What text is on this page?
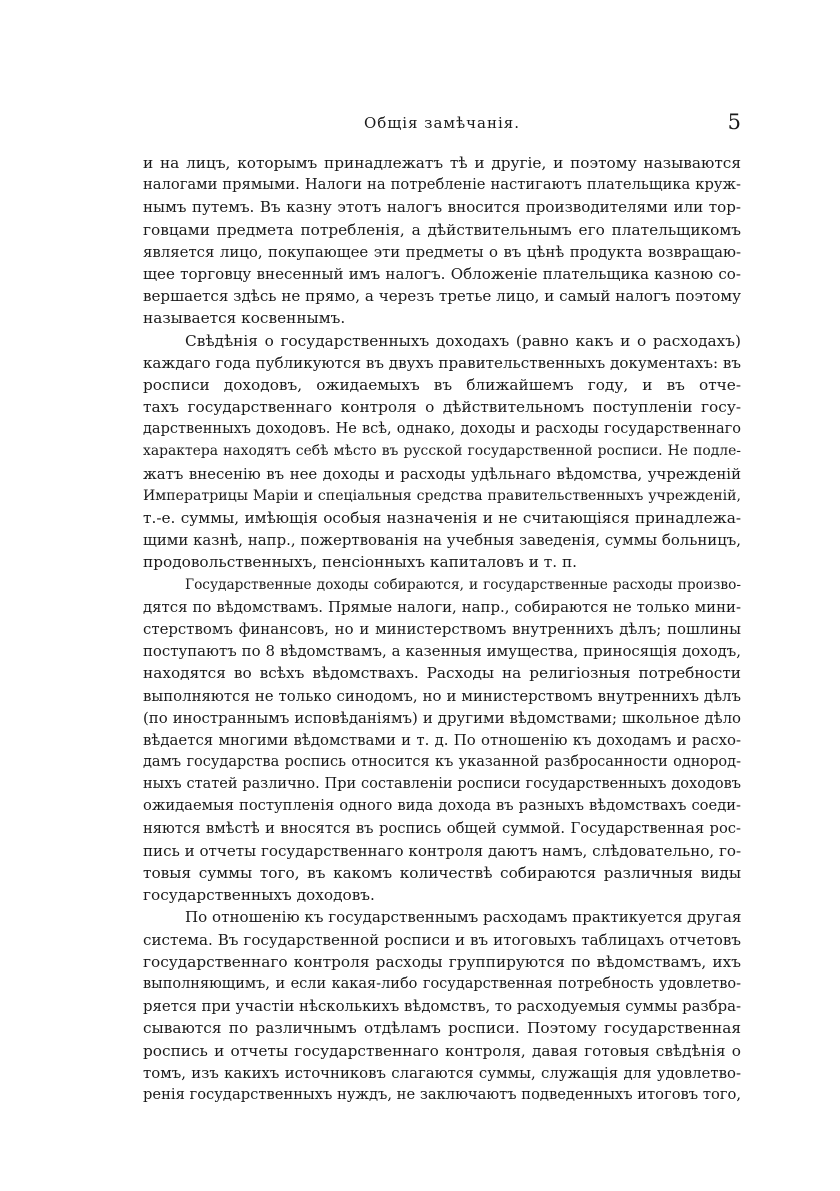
Общія замѣчанія.	5
и на лицъ, которымъ принадлежатъ тѣ и другіе, и поэтому называются
налогами прямыми. Налоги на потребленіе настигаютъ плательщика круж-
нымъ путемъ. Въ казну этотъ налогъ вносится производителями или тор-
говцами предмета потребленія, а дѣйствительнымъ его плательщикомъ
является лицо, покупающее эти предметы о въ цѣнѣ продукта возвращаю-
щее торговцу внесенный имъ налогъ. Обложеніе плательщика казною со-
вершается здѣсь не прямо, а черезъ третье лицо, и самый налогъ поэтому
называется косвеннымъ.
Свѣдѣнія о государственныхъ доходахъ (равно какъ и о расходахъ)
каждаго года публикуются въ двухъ правительственныхъ документахъ: въ
росписи доходовъ, ожидаемыхъ въ ближайшемъ году, и въ отче-
тахъ государственнаго контроля о дѣйствительномъ поступленіи госу-
дарственныхъ доходовъ. Не всѣ, однако, доходы и расходы государственнаго
характера находятъ себѣ мѣсто въ русской государственной росписи. Не подле-
жатъ внесенію въ нее доходы и расходы удѣльнаго вѣдомства, учрежденій
Императрицы Маріи и спеціальныя средства правительственныхъ учрежденій,
т.-е. суммы, имѣющія особыя назначенія и не считающіяся принадлежа-
щими казнѣ, напр., пожертвованія на учебныя заведенія, суммы больницъ,
продовольственныхъ, пенсіонныхъ капиталовъ и т. п.
Государственные доходы собираются, и государственные расходы произво-
дятся по вѣдомствамъ. Прямые налоги, напр., собираются не только мини-
стерствомъ финансовъ, но и министерствомъ внутреннихъ дѣлъ; пошлины
поступаютъ по 8 вѣдомствамъ, а казенныя имущества, приносящія доходъ,
находятся во всѣхъ вѣдомствахъ. Расходы на религіозныя потребности
выполняются не только синодомъ, но и министерствомъ внутреннихъ дѣлъ
(по иностраннымъ исповѣданіямъ) и другими вѣдомствами; школьное дѣло
вѣдается многими вѣдомствами и т. д. По отношенію къ доходамъ и расхо-
дамъ государства роспись относится къ указанной разбросанности однород-
ныхъ статей различно. При составленіи росписи государственныхъ доходовъ
ожидаемыя поступленія одного вида дохода въ разныхъ вѣдомствахъ соеди-
няются вмѣстѣ и вносятся въ роспись общей суммой. Государственная рос-
пись и отчеты государственнаго контроля даютъ намъ, слѣдовательно, го-
товыя суммы того, въ какомъ количествѣ собираются различныя виды
государственныхъ доходовъ.
По отношенію къ государственнымъ расходамъ практикуется другая
система. Въ государственной росписи и въ итоговыхъ таблицахъ отчетовъ
государственнаго контроля расходы группируются по вѣдомствамъ, ихъ
выполняющимъ, и если какая-либо государственная потребность удовлетво-
ряется при участіи нѣсколькихъ вѣдомствъ, то расходуемыя суммы разбра-
сываются по различнымъ отдѣламъ росписи. Поэтому государственная
роспись и отчеты государственнаго контроля, давая готовыя свѣдѣнія о
томъ, изъ какихъ источниковъ слагаются суммы, служащія для удовлетво-
ренія государственныхъ нуждъ, не заключаютъ подведенныхъ итоговъ того,
